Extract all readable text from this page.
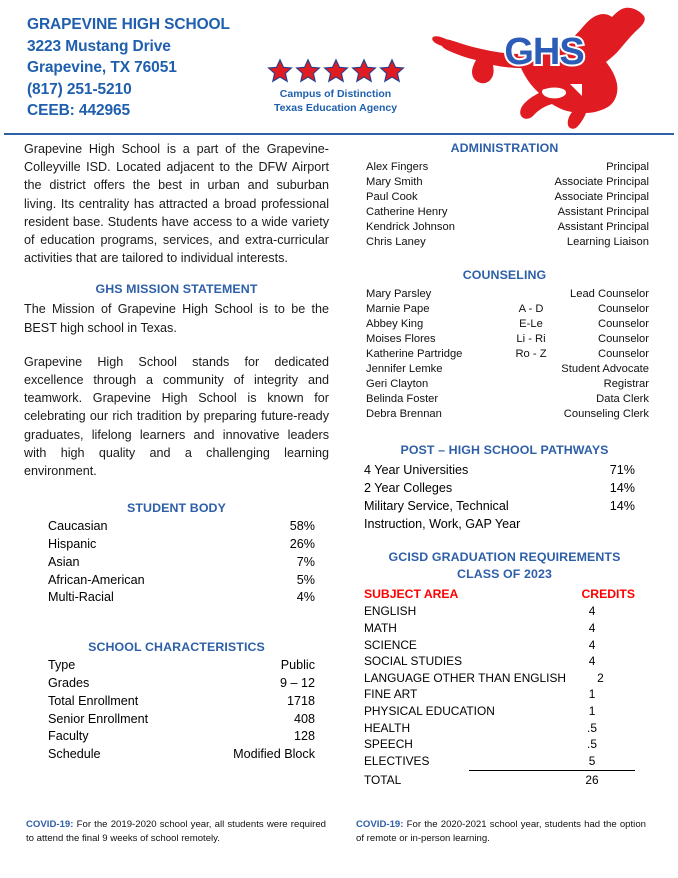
GRAPEVINE HIGH SCHOOL
3223 Mustang Drive
Grapevine, TX 76051
(817) 251-5210
CEEB: 442965
Campus of Distinction
Texas Education Agency
GHS

Grapevine High School is a part of the Grapevine-Colleyville ISD. Located adjacent to the DFW Airport the district offers the best in urban and suburban living. Its centrality has attracted a broad professional resident base. Students have access to a wide variety of education programs, services, and extra-curricular activities that are tailored to individual interests.

GHS MISSION STATEMENT

The Mission of Grapevine High School is to be the BEST high school in Texas.

Grapevine High School stands for dedicated excellence through a community of integrity and teamwork. Grapevine High School is known for celebrating our rich tradition by preparing future-ready graduates, lifelong learners and innovative leaders with high quality and a challenging learning environment.

STUDENT BODY
Caucasian	58%
Hispanic	26%
Asian	7%
African-American	5%
Multi-Racial	4%
SCHOOL CHARACTERISTICS
Type	Public
Grades	9 – 12
Total Enrollment	1718
Senior Enrollment	408
Faculty	128
Schedule	Modified Block
ADMINISTRATION
Alex Fingers	Principal
Mary Smith	Associate Principal
Paul Cook	Associate Principal
Catherine Henry	Assistant Principal
Kendrick Johnson	Assistant Principal
Chris Laney	Learning Liaison
COUNSELING
Mary Parsley	Lead Counselor
Marnie Pape	A - D	Counselor
Abbey King	E-Le	Counselor
Moises Flores	Li - Ri	Counselor
Katherine Partridge	Ro - Z	Counselor
Jennifer Lemke	Student Advocate
Geri Clayton	Registrar
Belinda Foster	Data Clerk
Debra Brennan	Counseling Clerk
POST – HIGH SCHOOL PATHWAYS
4 Year Universities	71%
2 Year Colleges	14%
Military Service, Technical	14%
Instruction, Work, GAP Year
GCISD GRADUATION REQUIREMENTS
CLASS OF 2023
SUBJECT AREA	CREDITS
ENGLISH	4
MATH	4
SCIENCE	4
SOCIAL STUDIES	4
LANGUAGE OTHER THAN ENGLISH	2
FINE ART	1
PHYSICAL EDUCATION	1
HEALTH	.5
SPEECH	.5
ELECTIVES	5
TOTAL	26
COVID-19: For the 2019-2020 school year, all students were required to attend the final 9 weeks of school remotely.
COVID-19: For the 2020-2021 school year, students had the option of remote or in-person learning.
